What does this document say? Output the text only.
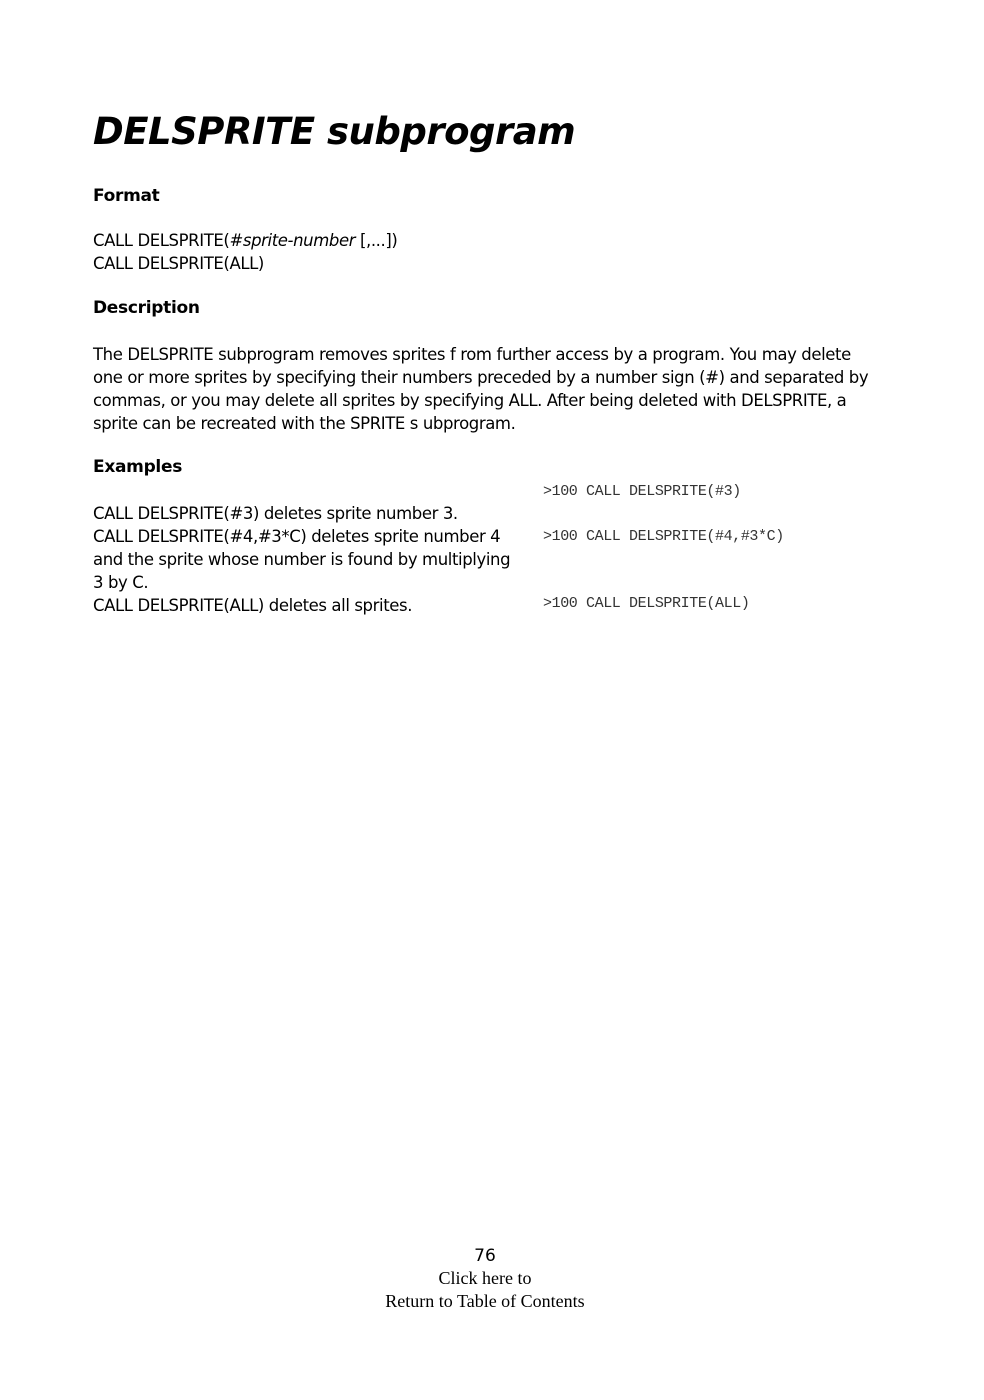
DELSPRITE subprogram
Format
CALL DELSPRITE(#sprite-number [,...])
CALL DELSPRITE(ALL)
Description

The DELSPRITE subprogram removes sprites f rom further access by a program. You may delete one or more sprites by specifying their numbers preceded by a number sign (#) and separated by commas, or you may delete all sprites by specifying ALL. After being deleted with DELSPRITE, a sprite can be recreated with the SPRITE s ubprogram.

Examples
CALL DELSPRITE(#3) deletes sprite number 3.
>100 CALL DELSPRITE(#3)
CALL DELSPRITE(#4,#3*C) deletes sprite number 4 and the sprite whose number is found by multiplying 3 by C.
>100 CALL DELSPRITE(#4,#3*C)
CALL DELSPRITE(ALL) deletes all sprites.	>100 CALL DELSPRITE(ALL)
76
Click here to
Return to Table of Contents
